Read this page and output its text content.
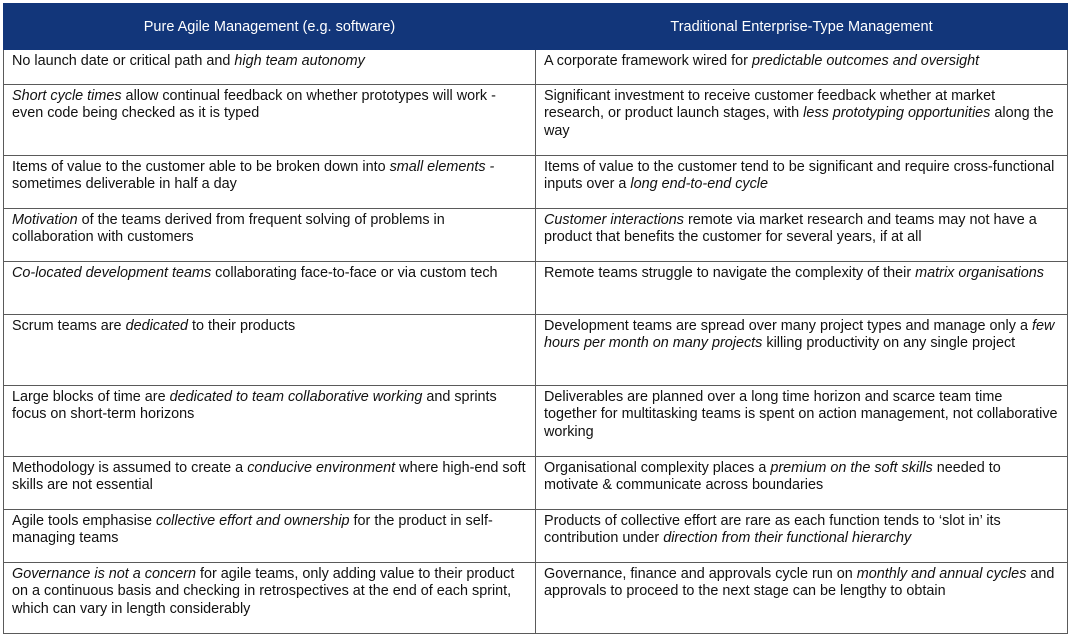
Pure Agile Management (e.g. software)	Traditional Enterprise-Type Management
No launch date or critical path and high team autonomy	A corporate framework wired for predictable outcomes and oversight
Short cycle times allow continual feedback on whether prototypes will work - even code being checked as it is typed	Significant investment to receive customer feedback whether at market research, or product launch stages, with less prototyping opportunities along the way
Items of value to the customer able to be broken down into small elements - sometimes deliverable in half a day	Items of value to the customer tend to be significant and require cross-functional inputs over a long end-to-end cycle
Motivation of the teams derived from frequent solving of problems in collaboration with customers	Customer interactions remote via market research and teams may not have a product that benefits the customer for several years, if at all
Co-located development teams collaborating face-to-face or via custom tech	Remote teams struggle to navigate the complexity of their matrix organisations
Scrum teams are dedicated to their products	Development teams are spread over many project types and manage only a few hours per month on many projects killing productivity on any single project
Large blocks of time are dedicated to team collaborative working and sprints focus on short-term horizons	Deliverables are planned over a long time horizon and scarce team time together for multitasking teams is spent on action management, not collaborative working
Methodology is assumed to create a conducive environment where high-end soft skills are not essential	Organisational complexity places a premium on the soft skills needed to motivate & communicate across boundaries
Agile tools emphasise collective effort and ownership for the product in self-managing teams	Products of collective effort are rare as each function tends to ‘slot in’ its contribution under direction from their functional hierarchy
Governance is not a concern for agile teams, only adding value to their product on a continuous basis and checking in retrospectives at the end of each sprint, which can vary in length considerably	Governance, finance and approvals cycle run on monthly and annual cycles and approvals to proceed to the next stage can be lengthy to obtain
